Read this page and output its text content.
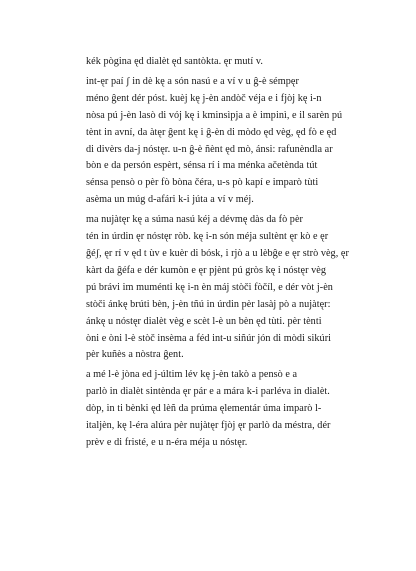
kék pògina ęd dialèt ęd santòkta. ęr mutí v.

int-ęr paí ʃ in dè kę a són nasú e a ví v u ĝ-è sémpęr
méno ĝent dér póst. kuèj kę j-èn andòč véja e i fjòj kę i-n
nòsa pú j-èn lasò di vój kę i kminsìpja a è impinì, e il sarèn pú
tènt in avní, da àtęr ĝent kę i ĝ-èn di mòdo ęd vèg, ęd fò e ęd
di divèrs da-j nóstęr. u-n ĝ-è ñènt ęd mò, ánsi: rafunèndla ar
bòn e da persón espèrt, sénsa rí i ma ménka ačetènda tút
sénsa pensò o pèr fò bòna čéra, u-s pò kapí e imparò tùti
asèma un múg d-afári k-i júta a ví v méj.

ma nujàtęr kę a súma nasú kéj a dévmę dàs da fò pèr
tén in úrdin ęr nóstęr ròb. kę i-n són méja sultènt ęr kò e ęr
ĝéʃ, ęr rí v ęd t ùv e kuèr di bósk, i rjò a u lèbĝe e ęr strò vèg, ęr
kàrt da ĝéfa e dér kumòn e ęr pjènt pú gròs kę i nóstęr vèg
pú brávi im muménti kę i-n èn máj stòči fòčíl, e dér vòt j-èn
stòči ánkę brúti bèn, j-èn tñú in úrdin pèr lasàj pò a nujàtęr:
ánkę u nóstęr dialèt vèg e scèt l-è un bèn ęd tùti. pèr tènti
òni e òni l-è stòč insèma a féd int-u siñúr jón di mòdi sikúri
pèr kuñès a nòstra ĝent.

a mé l-è jòna ed j-últim lév kę j-èn takò a pensò e a
parlò in dialèt sintènda ęr pár e a mára k-i parléva in dialèt.
dòp, in ti bènki ęd lèñ da prúma ęlementár úma imparò l-
italjèn, kę l-éra alúra pèr nujàtęr fjòj ęr parlò da méstra, dér
prèv e di fristé, e u n-éra méja u nóstęr.
